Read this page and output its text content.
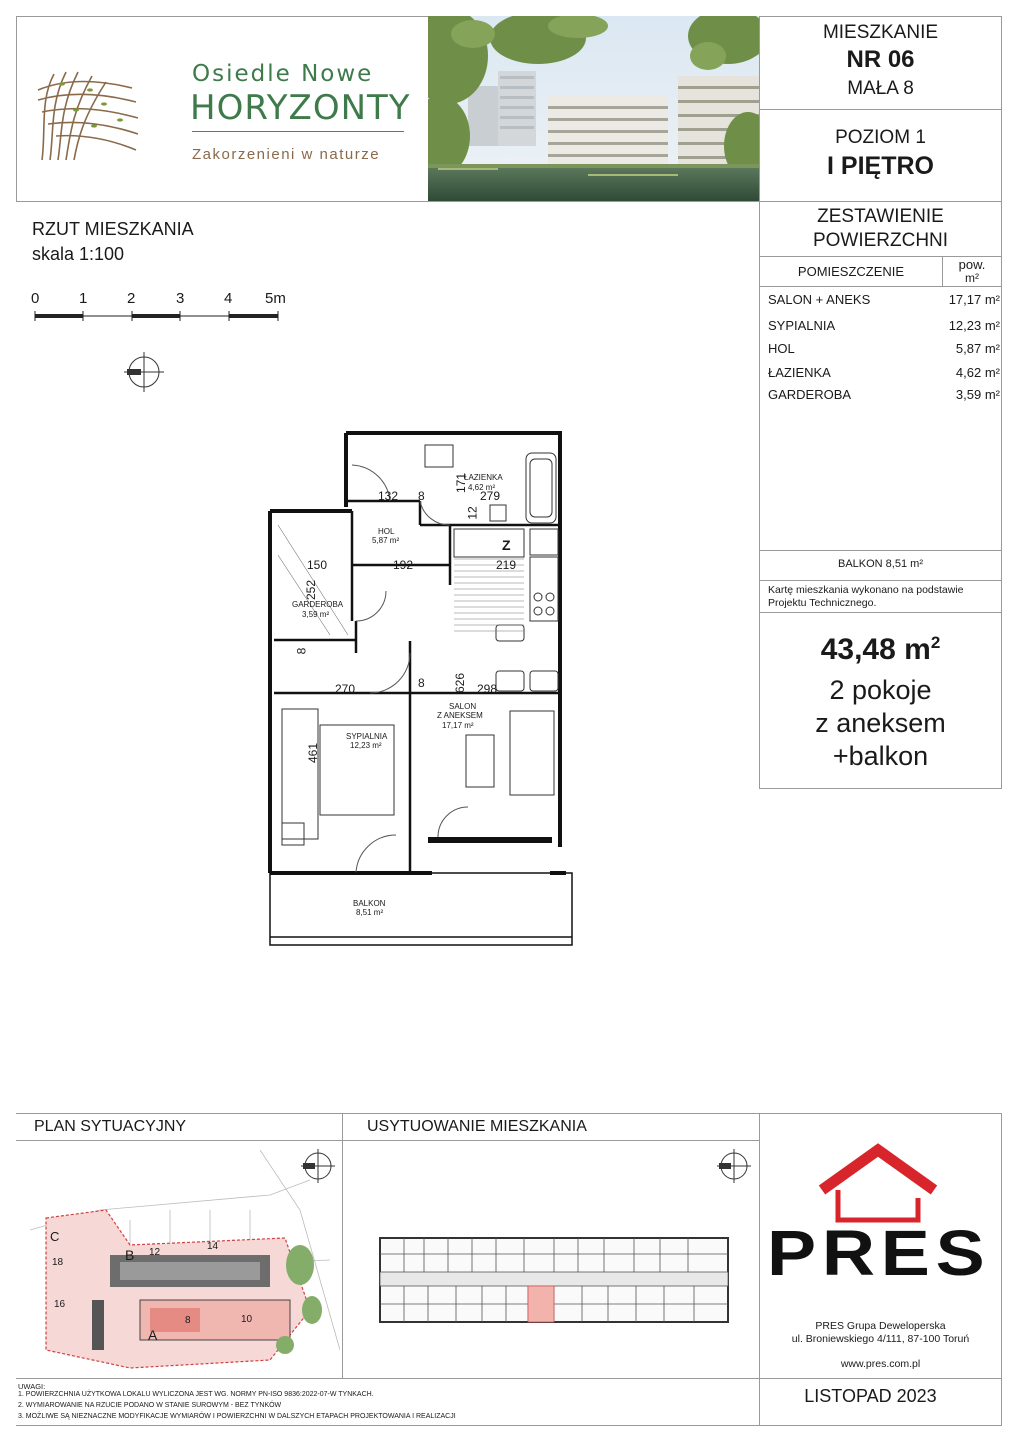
Osiedle Nowe
HORYZONTY
Zakorzenieni w naturze
MIESZKANIE
NR 06
MAŁA 8
POZIOM 1
I PIĘTRO
ZESTAWIENIE
POWIERZCHNI
POMIESZCZENIE	pow.
m²
SALON + ANEKS	17,17 m²
SYPIALNIA	12,23 m²
HOL	5,87 m²
ŁAZIENKA	4,62 m²
GARDEROBA	3,59 m²
BALKON 8,51 m²
Kartę mieszkania wykonano na podstawie Projektu Technicznego.
43,48 $m^2$
2 pokoje
z aneksem
+balkon
RZUT MIESZKANIA
skala 1:100
0	1	2	3	4 5m
ŁAZIENKA
4,62 m²
HOL
5,87 m²
GARDEROBA
3,59 m²
SYPIALNIA
12,23 m²
SALON
Z ANEKSEM
17,17 m²
BALKON
8,51 m²
Z
132 8	279
171
12
150	192	219
252
8
270	8 626 298
461
PLAN SYTUACYJNY
C
B
A
18
16
12
14
8	10
USYTUOWANIE MIESZKANIA
PRES
PRES Grupa Deweloperska
ul. Broniewskiego 4/111, 87-100 Toruń
www.pres.com.pl
LISTOPAD 2023
UWAGI:
1. POWIERZCHNIA UŻYTKOWA LOKALU WYLICZONA JEST WG. NORMY PN-ISO 9836:2022-07-W TYNKACH.
2. WYMIAROWANIE NA RZUCIE PODANO W STANIE SUROWYM - BEZ TYNKÓW
3. MOŻLIWE SĄ NIEZNACZNE MODYFIKACJE WYMIARÓW I POWIERZCHNI W DALSZYCH ETAPACH PROJEKTOWANIA I REALIZACJI
